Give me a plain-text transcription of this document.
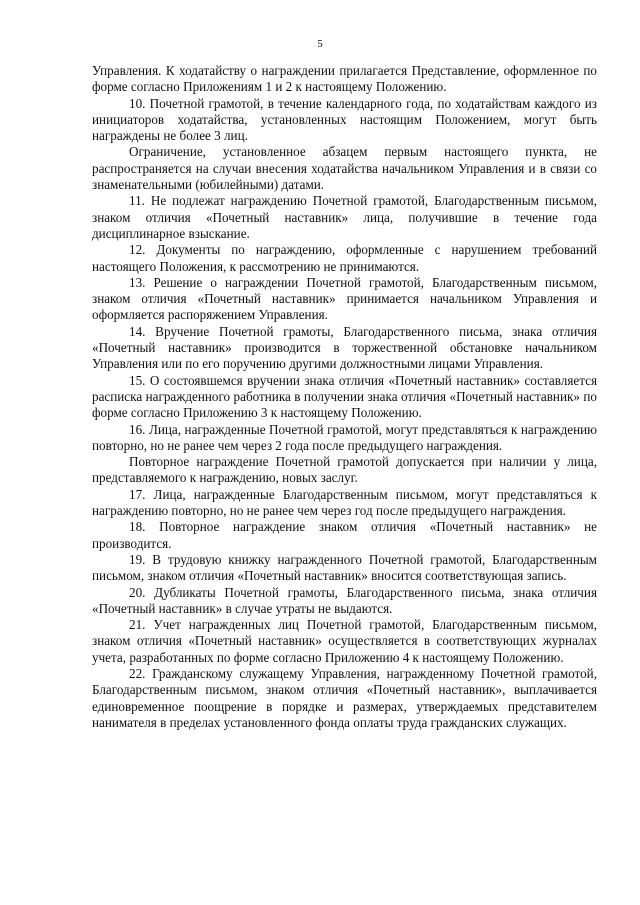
5

Управления. К ходатайству о награждении прилагается Представление, оформленное по форме согласно Приложениям 1 и 2 к настоящему Положению.

10. Почетной грамотой, в течение календарного года, по ходатайствам каждого из инициаторов ходатайства, установленных настоящим Положением, могут быть награждены не более 3 лиц.

Ограничение, установленное абзацем первым настоящего пункта, не распространяется на случаи внесения ходатайства начальником Управления и в связи со знаменательными (юбилейными) датами.

11. Не подлежат награждению Почетной грамотой, Благодарственным письмом, знаком отличия «Почетный наставник» лица, получившие в течение года дисциплинарное взыскание.

12. Документы по награждению, оформленные с нарушением требований настоящего Положения, к рассмотрению не принимаются.

13. Решение о награждении Почетной грамотой, Благодарственным письмом, знаком отличия «Почетный наставник» принимается начальником Управления и оформляется распоряжением Управления.

14. Вручение Почетной грамоты, Благодарственного письма, знака отличия «Почетный наставник» производится в торжественной обстановке начальником Управления или по его поручению другими должностными лицами Управления.

15. О состоявшемся вручении знака отличия «Почетный наставник» составляется расписка награжденного работника в получении знака отличия «Почетный наставник» по форме согласно Приложению 3 к настоящему Положению.

16. Лица, награжденные Почетной грамотой, могут представляться к награждению повторно, но не ранее чем через 2 года после предыдущего награждения.

Повторное награждение Почетной грамотой допускается при наличии у лица, представляемого к награждению, новых заслуг.

17. Лица, награжденные Благодарственным письмом, могут представляться к награждению повторно, но не ранее чем через год после предыдущего награждения.

18. Повторное награждение знаком отличия «Почетный наставник» не производится.

19. В трудовую книжку награжденного Почетной грамотой, Благодарственным письмом, знаком отличия «Почетный наставник» вносится соответствующая запись.

20. Дубликаты Почетной грамоты, Благодарственного письма, знака отличия «Почетный наставник» в случае утраты не выдаются.

21. Учет награжденных лиц Почетной грамотой, Благодарственным письмом, знаком отличия «Почетный наставник» осуществляется в соответствующих журналах учета, разработанных по форме согласно Приложению 4 к настоящему Положению.

22. Гражданскому служащему Управления, награжденному Почетной грамотой, Благодарственным письмом, знаком отличия «Почетный наставник», выплачивается единовременное поощрение в порядке и размерах, утверждаемых представителем нанимателя в пределах установленного фонда оплаты труда гражданских служащих.
